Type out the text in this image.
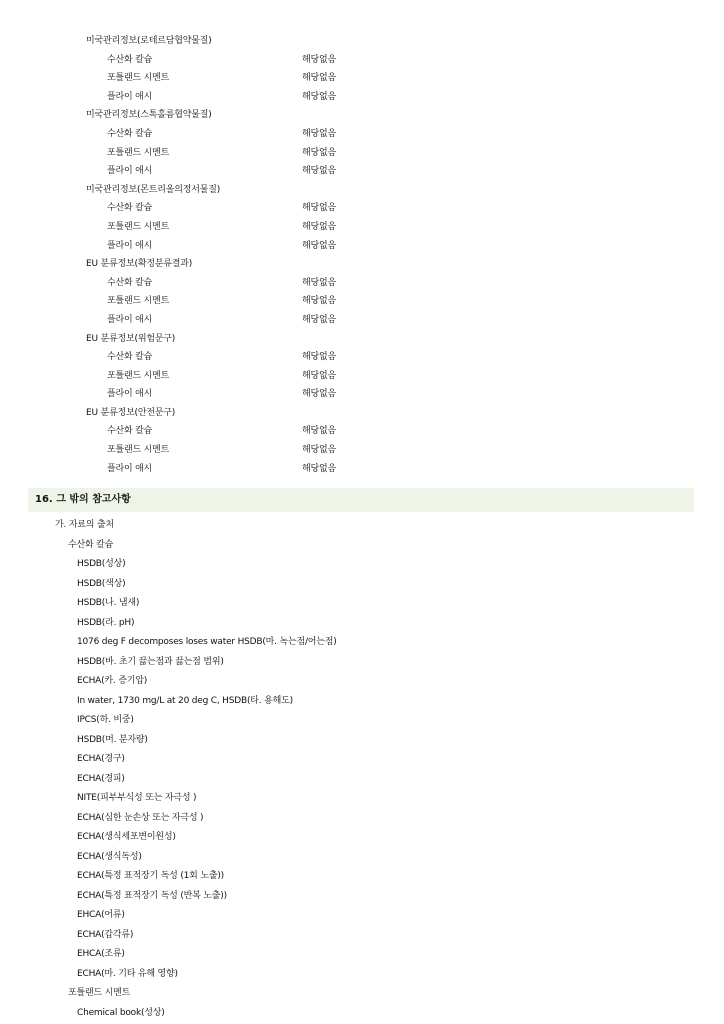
미국관리정보(로테르담협약물질)
수산화 칼슘	해당없음
포틀랜드 시멘트	해당없음
플라이 애시	해당없음
미국관리정보(스톡홀름협약물질)
수산화 칼슘	해당없음
포틀랜드 시멘트	해당없음
플라이 애시	해당없음
미국관리정보(몬트리올의정서물질)
수산화 칼슘	해당없음
포틀랜드 시멘트	해당없음
플라이 애시	해당없음
EU 분류정보(확정분류결과)
수산화 칼슘	해당없음
포틀랜드 시멘트	해당없음
플라이 애시	해당없음
EU 분류정보(위험문구)
수산화 칼슘	해당없음
포틀랜드 시멘트	해당없음
플라이 애시	해당없음
EU 분류정보(안전문구)
수산화 칼슘	해당없음
포틀랜드 시멘트	해당없음
플라이 애시	해당없음
16. 그 밖의 참고사항
가. 자료의 출처
수산화 칼슘
HSDB(성상)
HSDB(색상)
HSDB(나. 냄새)
HSDB(라. pH)
1076 deg F decomposes loses water HSDB(마. 녹는점/어는점)
HSDB(바. 초기 끓는점과 끓는점 범위)
ECHA(카. 증기압)
In water, 1730 mg/L at 20 deg C, HSDB(타. 용해도)
IPCS(하. 비중)
HSDB(머. 분자량)
ECHA(경구)
ECHA(경피)
NITE(피부부식성 또는 자극성 )
ECHA(심한 눈손상 또는 자극성 )
ECHA(생식세포변이원성)
ECHA(생식독성)
ECHA(특정 표적장기 독성 (1회 노출))
ECHA(특정 표적장기 독성 (반복 노출))
EHCA(어류)
ECHA(갑각류)
EHCA(조류)
ECHA(마. 기타 유해 영향)
포틀랜드 시멘트
Chemical book(성상)
